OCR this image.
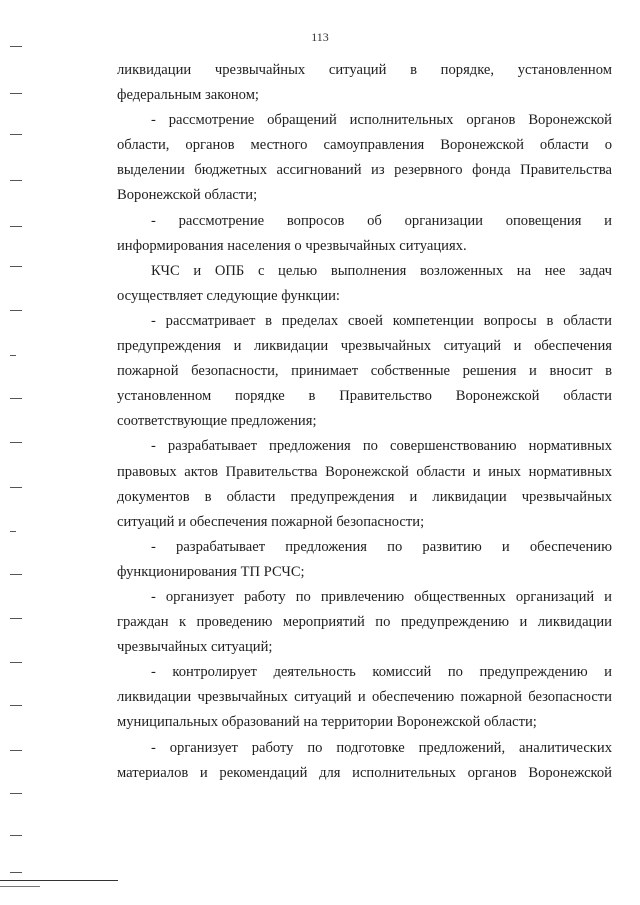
113

ликвидации чрезвычайных ситуаций в порядке, установленном

федеральным законом;

- рассмотрение обращений исполнительных органов Воронежской

области, органов местного самоуправления Воронежской области о

выделении бюджетных ассигнований из резервного фонда Правительства

Воронежской области;

- рассмотрение вопросов об организации оповещения и

информирования населения о чрезвычайных ситуациях.

КЧС и ОПБ с целью выполнения возложенных на нее задач

осуществляет следующие функции:

- рассматривает в пределах своей компетенции вопросы в области

предупреждения и ликвидации чрезвычайных ситуаций и обеспечения

пожарной безопасности, принимает собственные решения и вносит в

установленном порядке в Правительство Воронежской области

соответствующие предложения;

- разрабатывает предложения по совершенствованию нормативных

правовых актов Правительства Воронежской области и иных нормативных

документов в области предупреждения и ликвидации чрезвычайных

ситуаций и обеспечения пожарной безопасности;

- разрабатывает предложения по развитию и обеспечению

функционирования ТП РСЧС;

- организует работу по привлечению общественных организаций и

граждан к проведению мероприятий по предупреждению и ликвидации

чрезвычайных ситуаций;

- контролирует деятельность комиссий по предупреждению и

ликвидации чрезвычайных ситуаций и обеспечению пожарной безопасности

муниципальных образований на территории Воронежской области;

- организует работу по подготовке предложений, аналитических

материалов и рекомендаций для исполнительных органов Воронежской
